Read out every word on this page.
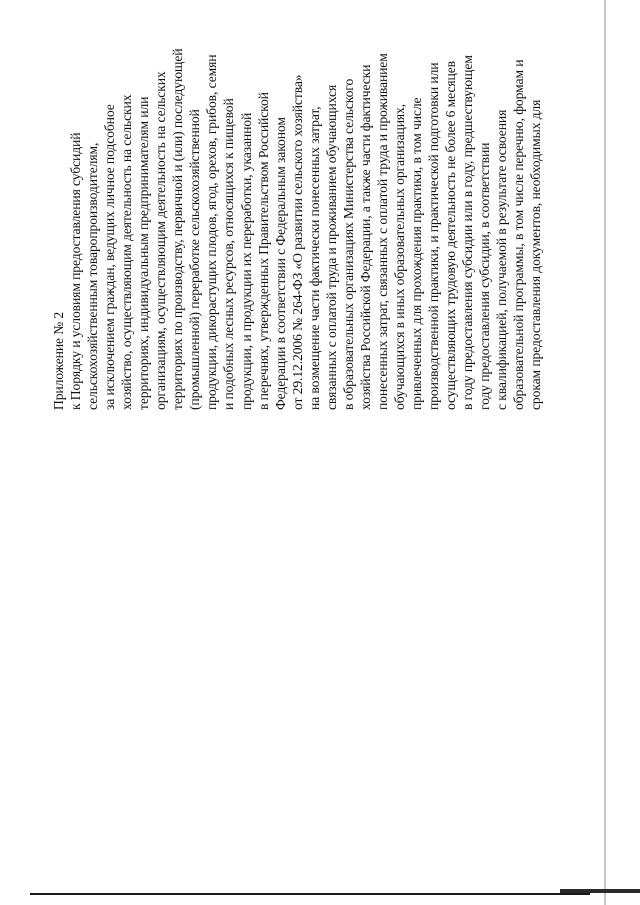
Приложение № 2 к Порядку и условиям предоставления субсидий сельскохозяйственным товаропроизводителям, за исключением граждан, ведущих личное подсобное хозяйство, осуществляющим деятельность на сельских территориях, индивидуальным предпринимателям или организациям, осуществляющим деятельность на сельских территориях по производству, первичной и (или) последующей (промышленной) переработке сельскохозяйственной продукции, дикорастущих плодов, ягод, орехов, грибов, семян и подобных лесных ресурсов, относящихся к пищевой продукции, и продукции их переработки, указанной в перечнях, утвержденных Правительством Российской Федерации в соответствии с Федеральным законом от 29.12.2006 № 264-ФЗ «О развитии сельского хозяйства» на возмещение части фактически понесенных затрат, связанных с оплатой труда и проживанием обучающихся в образовательных организациях Министерства сельского хозяйства Российской Федерации, а также части фактически понесенных затрат, связанных с оплатой труда и проживанием обучающихся в иных образовательных организациях, привлеченных для прохождения практики, в том числе производственной практики, и практической подготовки или осуществляющих трудовую деятельность не более 6 месяцев в году предоставления субсидии или в году, предшествующем году предоставления субсидии, в соответствии с квалификацией, получаемой в результате освоения образовательной программы, в том числе перечню, формам и срокам предоставления документов, необходимых для
